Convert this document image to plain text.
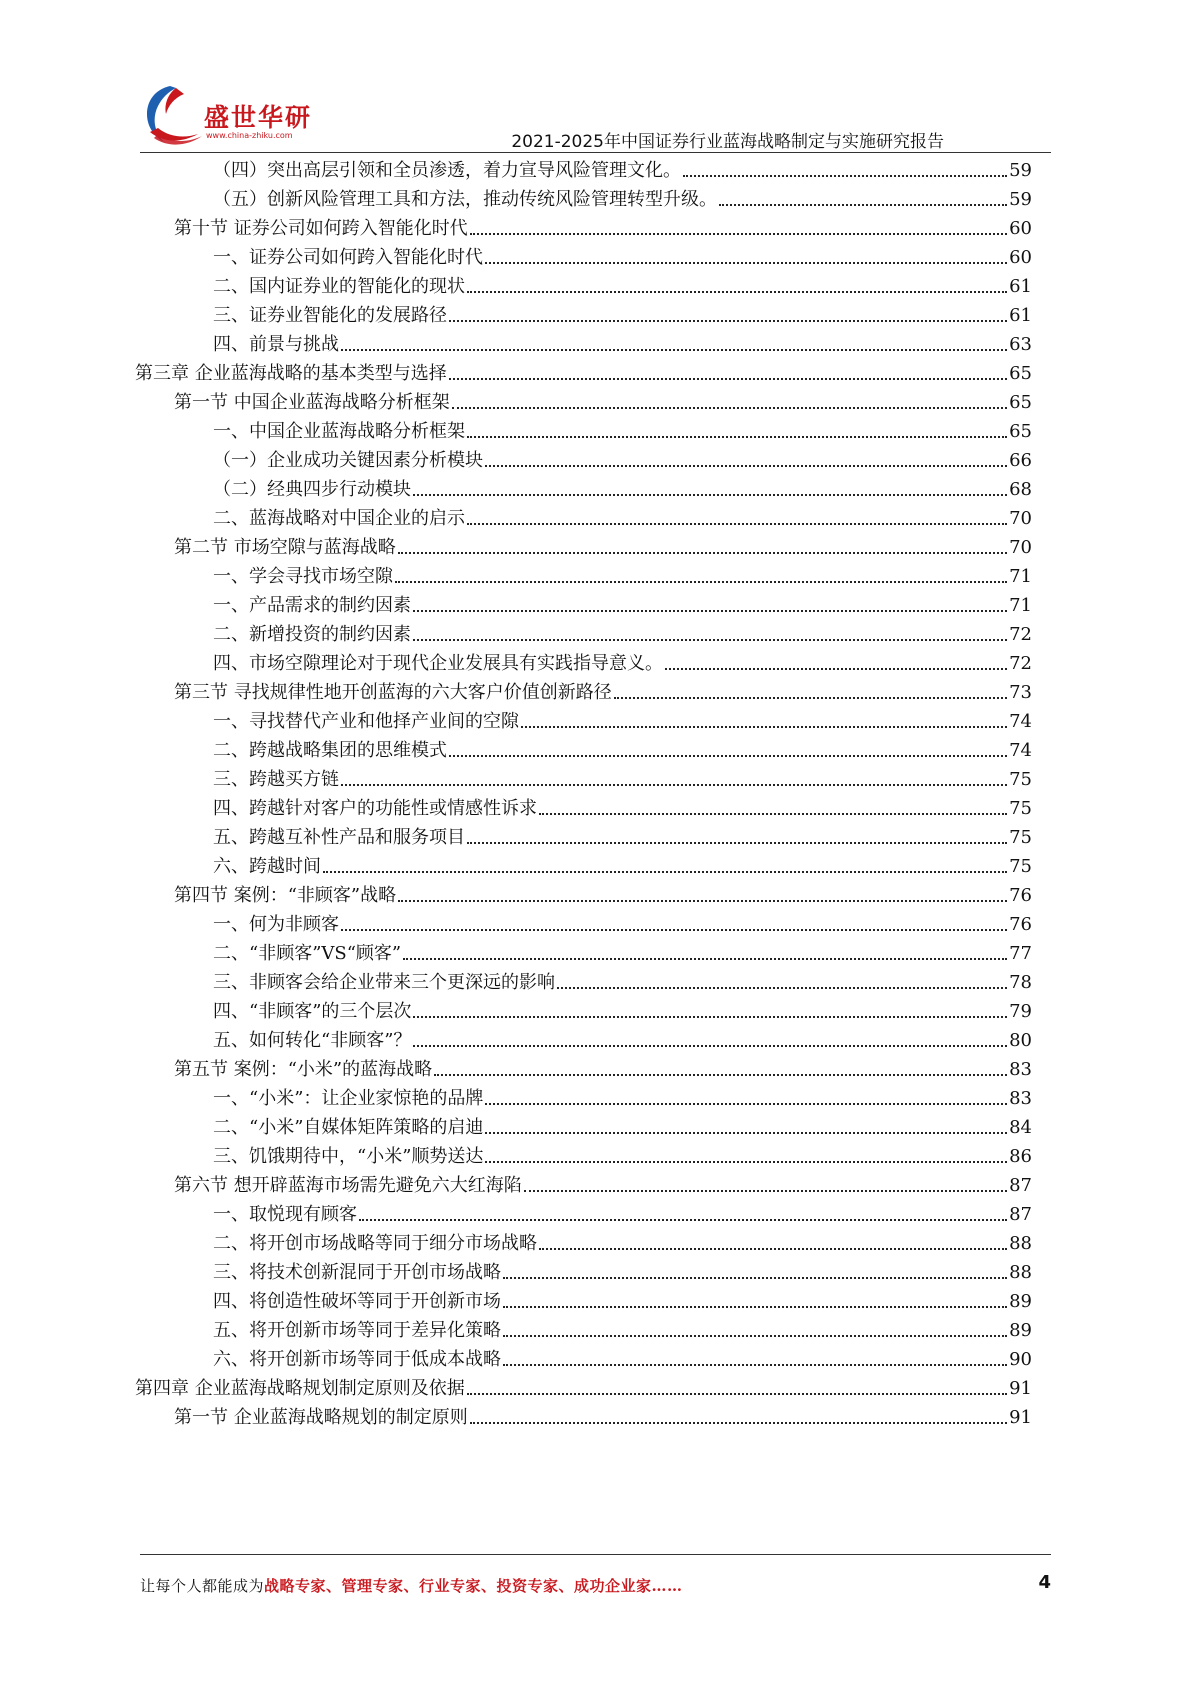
盛世华研
www.china-zhiku.com	2021-2025年中国证券行业蓝海战略制定与实施研究报告
（四）突出高层引领和全员渗透，着力宣导风险管理文化。	59
（五）创新风险管理工具和方法，推动传统风险管理转型升级。	59
第十节 证券公司如何跨入智能化时代	60
一、证券公司如何跨入智能化时代	60
二、国内证券业的智能化的现状	61
三、证券业智能化的发展路径	61
四、前景与挑战	63
第三章 企业蓝海战略的基本类型与选择	65
第一节 中国企业蓝海战略分析框架	65
一、中国企业蓝海战略分析框架	65
（一）企业成功关键因素分析模块	66
（二）经典四步行动模块	68
二、蓝海战略对中国企业的启示	70
第二节 市场空隙与蓝海战略	70
一、学会寻找市场空隙	71
一、产品需求的制约因素	71
二、新增投资的制约因素	72
四、市场空隙理论对于现代企业发展具有实践指导意义。	72
第三节 寻找规律性地开创蓝海的六大客户价值创新路径	73
一、寻找替代产业和他择产业间的空隙	74
二、跨越战略集团的思维模式	74
三、跨越买方链	75
四、跨越针对客户的功能性或情感性诉求	75
五、跨越互补性产品和服务项目	75
六、跨越时间	75
第四节 案例：“非顾客”战略	76
一、何为非顾客	76
二、“非顾客”VS“顾客”	77
三、非顾客会给企业带来三个更深远的影响	78
四、“非顾客”的三个层次	79
五、如何转化“非顾客”？	80
第五节 案例：“小米”的蓝海战略	83
一、“小米”：让企业家惊艳的品牌	83
二、“小米”自媒体矩阵策略的启迪	84
三、饥饿期待中，“小米”顺势送达	86
第六节 想开辟蓝海市场需先避免六大红海陷	87
一、取悦现有顾客	87
二、将开创市场战略等同于细分市场战略	88
三、将技术创新混同于开创市场战略	88
四、将创造性破坏等同于开创新市场	89
五、将开创新市场等同于差异化策略	89
六、将开创新市场等同于低成本战略	90
第四章 企业蓝海战略规划制定原则及依据	91
第一节 企业蓝海战略规划的制定原则	91
让每个人都能成为战略专家、管理专家、行业专家、投资专家、成功企业家……	4
